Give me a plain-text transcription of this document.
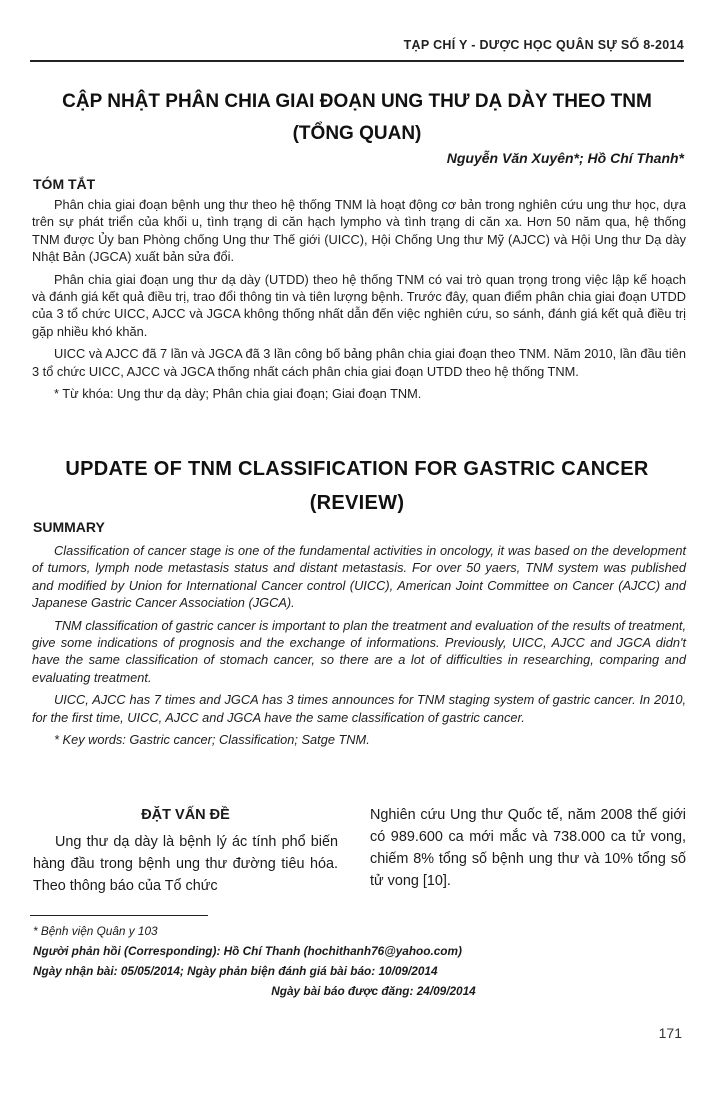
TẠP CHÍ Y - DƯỢC HỌC QUÂN SỰ SỐ 8-2014
CẬP NHẬT PHÂN CHIA GIAI ĐOẠN UNG THƯ DẠ DÀY THEO TNM
(TỔNG QUAN)
Nguyễn Văn Xuyên*; Hồ Chí Thanh*
TÓM TẮT

Phân chia giai đoạn bệnh ung thư theo hệ thống TNM là hoạt động cơ bản trong nghiên cứu ung thư học, dựa trên sự phát triển của khối u, tình trạng di căn hạch lympho và tình trạng di căn xa. Hơn 50 năm qua, hệ thống TNM được Ủy ban Phòng chống Ung thư Thế giới (UICC), Hội Chống Ung thư Mỹ (AJCC) và Hội Ung thư Dạ dày Nhật Bản (JGCA) xuất bản sửa đổi.

Phân chia giai đoạn ung thư dạ dày (UTDD) theo hệ thống TNM có vai trò quan trọng trong việc lập kế hoạch và đánh giá kết quả điều trị, trao đổi thông tin và tiên lượng bệnh. Trước đây, quan điểm phân chia giai đoạn UTDD của 3 tổ chức UICC, AJCC và JGCA không thống nhất dẫn đến việc nghiên cứu, so sánh, đánh giá kết quả điều trị gặp nhiều khó khăn.

UICC và AJCC đã 7 lần và JGCA đã 3 lần công bố bảng phân chia giai đoạn theo TNM. Năm 2010, lần đầu tiên 3 tổ chức UICC, AJCC và JGCA thống nhất cách phân chia giai đoạn UTDD theo hệ thống TNM.

* Từ khóa: Ung thư dạ dày; Phân chia giai đoạn; Giai đoạn TNM.

UPDATE OF TNM CLASSIFICATION FOR GASTRIC CANCER
(REVIEW)
SUMMARY

Classification of cancer stage is one of the fundamental activities in oncology, it was based on the development of tumors, lymph node metastasis status and distant metastasis. For over 50 yaers, TNM system was published and modified by Union for International Cancer control (UICC), American Joint Committee on Cancer (AJCC) and Japanese Gastric Cancer Association (JGCA).

TNM classification of gastric cancer is important to plan the treatment and evaluation of the results of treatment, give some indications of prognosis and the exchange of informations. Previously, UICC, AJCC and JGCA didn't have the same classification of stomach cancer, so there are a lot of difficulties in researching, comparing and evaluating treatment.

UICC, AJCC has 7 times and JGCA has 3 times announces for TNM staging system of gastric cancer. In 2010, for the first time, UICC, AJCC and JGCA have the same classification of gastric cancer.

* Key words: Gastric cancer; Classification; Satge TNM.

ĐẶT VẤN ĐỀ

Ung thư dạ dày là bệnh lý ác tính phổ biến hàng đầu trong bệnh ung thư đường tiêu hóa. Theo thông báo của Tổ chức

Nghiên cứu Ung thư Quốc tế, năm 2008 thế giới có 989.600 ca mới mắc và 738.000 ca tử vong, chiếm 8% tổng số bệnh ung thư và 10% tổng số tử vong [10].

* Bệnh viện Quân y 103
Người phản hồi (Corresponding): Hồ Chí Thanh (hochithanh76@yahoo.com)
Ngày nhận bài: 05/05/2014; Ngày phản biện đánh giá bài báo: 10/09/2014
Ngày bài báo được đăng: 24/09/2014
171
